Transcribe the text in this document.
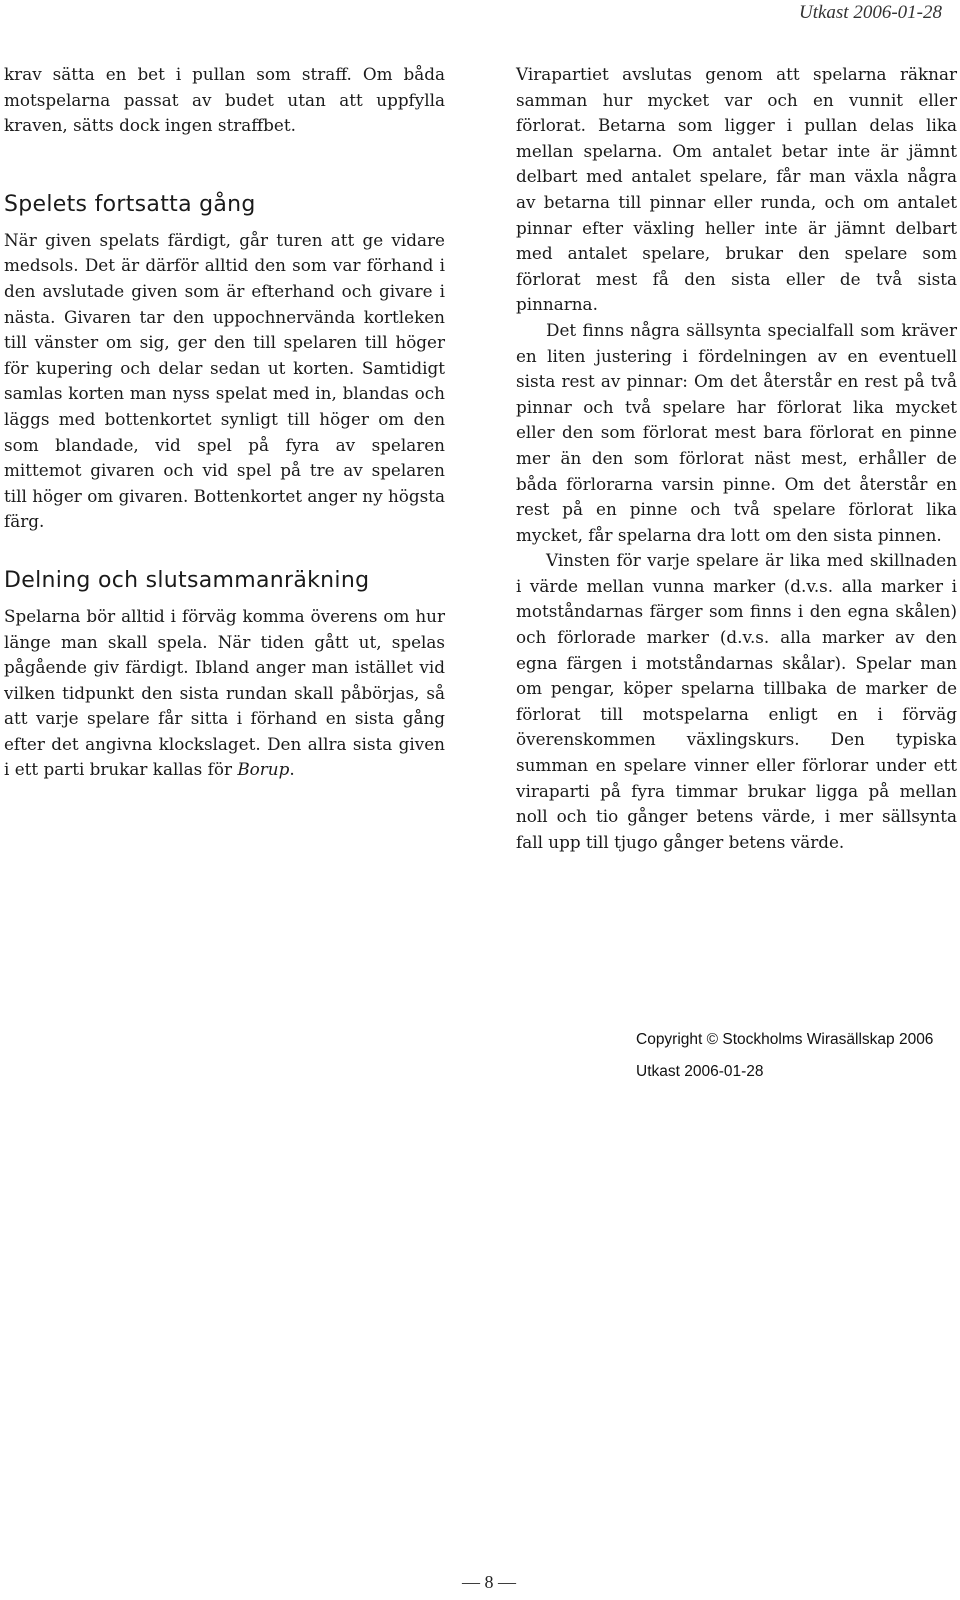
Utkast 2006-01-28

krav sätta en bet i pullan som straff. Om båda motspelarna passat av budet utan att uppfylla kraven, sätts dock ingen straffbet.

Spelets fortsatta gång

När given spelats färdigt, går turen att ge vidare medsols. Det är därför alltid den som var förhand i den avslutade given som är efterhand och givare i nästa. Givaren tar den uppochnervända kortleken till vänster om sig, ger den till spelaren till höger för kupering och delar sedan ut korten. Samtidigt samlas korten man nyss spelat med in, blandas och läggs med bottenkortet synligt till höger om den som blandade, vid spel på fyra av spelaren mittemot givaren och vid spel på tre av spelaren till höger om givaren. Bottenkortet anger ny högsta färg.

Delning och slutsammanräkning

Spelarna bör alltid i förväg komma överens om hur länge man skall spela. När tiden gått ut, spelas pågående giv färdigt. Ibland anger man istället vid vilken tidpunkt den sista rundan skall påbörjas, så att varje spelare får sitta i förhand en sista gång efter det angivna klockslaget. Den allra sista given i ett parti brukar kallas för Borup.

Virapartiet avslutas genom att spelarna räknar samman hur mycket var och en vunnit eller förlorat. Betarna som ligger i pullan delas lika mellan spelarna. Om antalet betar inte är jämnt delbart med antalet spelare, får man växla några av betarna till pinnar eller runda, och om antalet pinnar efter växling heller inte är jämnt delbart med antalet spelare, brukar den spelare som förlorat mest få den sista eller de två sista pinnarna.

Det finns några sällsynta specialfall som kräver en liten justering i fördelningen av en eventuell sista rest av pinnar: Om det återstår en rest på två pinnar och två spelare har förlorat lika mycket eller den som förlorat mest bara förlorat en pinne mer än den som förlorat näst mest, erhåller de båda förlorarna varsin pinne. Om det återstår en rest på en pinne och två spelare förlorat lika mycket, får spelarna dra lott om den sista pinnen.

Vinsten för varje spelare är lika med skillnaden i värde mellan vunna marker (d.v.s. alla marker i motståndarnas färger som finns i den egna skålen) och förlorade marker (d.v.s. alla marker av den egna färgen i motståndarnas skålar). Spelar man om pengar, köper spelarna tillbaka de marker de förlorat till motspelarna enligt en i förväg överenskommen växlingskurs. Den typiska summan en spelare vinner eller förlorar under ett viraparti på fyra timmar brukar ligga på mellan noll och tio gånger betens värde, i mer sällsynta fall upp till tjugo gånger betens värde.

Copyright © Stockholms Wirasällskap 2006
Utkast 2006-01-28
— 8 —
